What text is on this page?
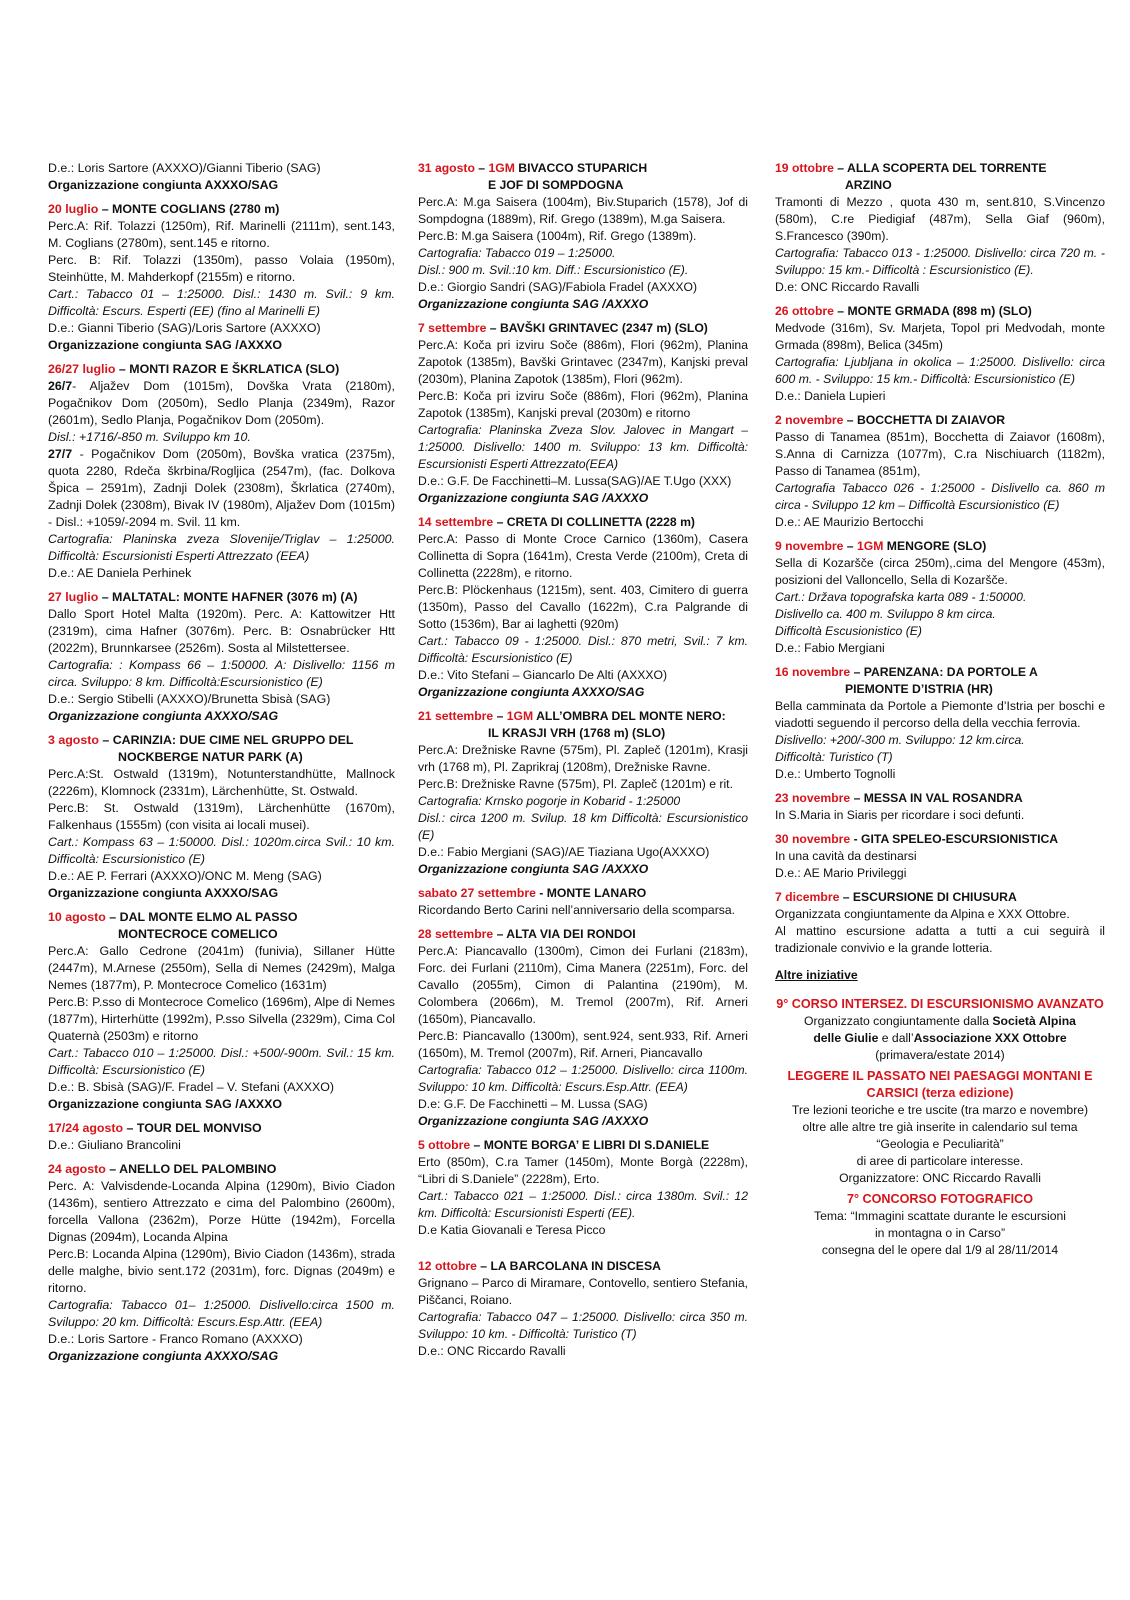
D.e.: Loris Sartore (AXXXO)/Gianni Tiberio (SAG)
Organizzazione congiunta AXXXO/SAG
20 luglio – MONTE COGLIANS (2780 m)
Perc.A: Rif. Tolazzi (1250m), Rif. Marinelli (2111m), sent.143, M. Coglians (2780m), sent.145 e ritorno.
Perc. B: Rif. Tolazzi (1350m), passo Volaia (1950m), Steinhütte, M. Mahderkopf (2155m) e ritorno.
Cart.: Tabacco 01 – 1:25000. Disl.: 1430 m. Svil.: 9 km. Difficoltà: Escurs. Esperti (EE) (fino al Marinelli E)
D.e.: Gianni Tiberio (SAG)/Loris Sartore (AXXXO)
Organizzazione congiunta SAG /AXXXO
26/27 luglio – MONTI RAZOR E ŠKRLATICA (SLO)
26/7- Aljažev Dom (1015m), Dovška Vrata (2180m), Pogačnikov Dom (2050m), Sedlo Planja (2349m), Razor (2601m), Sedlo Planja, Pogačnikov Dom (2050m).
Disl.: +1716/-850 m. Sviluppo km 10.
27/7 - Pogačnikov Dom (2050m), Bovška vratica (2375m), quota 2280, Rdeča škrbina/Rogljica (2547m), (fac. Dolkova Špica – 2591m), Zadnji Dolek (2308m), Škrlatica (2740m), Zadnji Dolek (2308m), Bivak IV (1980m), Aljažev Dom (1015m) - Disl.: +1059/-2094 m. Svil. 11 km.
Cartografia: Planinska zveza Slovenije/Triglav – 1:25000. Difficoltà: Escursionisti Esperti Attrezzato (EEA)
D.e.: AE Daniela Perhinek
27 luglio – MALTATAL: MONTE HAFNER (3076 m) (A)
Dallo Sport Hotel Malta (1920m). Perc. A: Kattowitzer Htt (2319m), cima Hafner (3076m). Perc. B: Osnabrücker Htt (2022m), Brunnkarsee (2526m). Sosta al Milstettersee.
Cartografia: : Kompass 66 – 1:50000. A: Dislivello: 1156 m circa. Sviluppo: 8 km. Difficoltà:Escursionistico (E)
D.e.: Sergio Stibelli (AXXXO)/Brunetta Sbisà (SAG)
Organizzazione congiunta AXXXO/SAG
3 agosto – CARINZIA: DUE CIME NEL GRUPPO DEL
NOCKBERGE NATUR PARK (A)
Perc.A:St. Ostwald (1319m), Notunterstandhütte, Mallnock (2226m), Klomnock (2331m), Lärchenhütte, St. Ostwald.
Perc.B: St. Ostwald (1319m), Lärchenhütte (1670m), Falkenhaus (1555m) (con visita ai locali musei).
Cart.: Kompass 63 – 1:50000. Disl.: 1020m.circa Svil.: 10 km. Difficoltà: Escursionistico (E)
D.e.: AE P. Ferrari (AXXXO)/ONC M. Meng (SAG)
Organizzazione congiunta AXXXO/SAG
10 agosto – DAL MONTE ELMO AL PASSO
MONTECROCE COMELICO
Perc.A: Gallo Cedrone (2041m) (funivia), Sillaner Hütte (2447m), M.Arnese (2550m), Sella di Nemes (2429m), Malga Nemes (1877m), P. Montecroce Comelico (1631m)
Perc.B: P.sso di Montecroce Comelico (1696m), Alpe di Nemes (1877m), Hirterhütte (1992m), P.sso Silvella (2329m), Cima Col Quaternà (2503m) e ritorno
Cart.: Tabacco 010 – 1:25000. Disl.: +500/-900m. Svil.: 15 km. Difficoltà: Escursionistico (E)
D.e.: B. Sbisà (SAG)/F. Fradel – V. Stefani (AXXXO)
Organizzazione congiunta SAG /AXXXO
17/24 agosto – TOUR DEL MONVISO
D.e.: Giuliano Brancolini
24 agosto – ANELLO DEL PALOMBINO
Perc. A: Valvisdende-Locanda Alpina (1290m), Bivio Ciadon (1436m), sentiero Attrezzato e cima del Palombino (2600m), forcella Vallona (2362m), Porze Hütte (1942m), Forcella Dignas (2094m), Locanda Alpina
Perc.B: Locanda Alpina (1290m), Bivio Ciadon (1436m), strada delle malghe, bivio sent.172 (2031m), forc. Dignas (2049m) e ritorno.
Cartografia: Tabacco 01– 1:25000. Dislivello:circa 1500 m. Sviluppo: 20 km. Difficoltà: Escurs.Esp.Attr. (EEA)
D.e.: Loris Sartore - Franco Romano (AXXXO)
Organizzazione congiunta AXXXO/SAG
31 agosto – 1GM BIVACCO STUPARICH
E JOF DI SOMPDOGNA
Perc.A: M.ga Saisera (1004m), Biv.Stuparich (1578), Jof di Sompdogna (1889m), Rif. Grego (1389m), M.ga Saisera.
Perc.B: M.ga Saisera (1004m), Rif. Grego (1389m).
Cartografia: Tabacco 019 – 1:25000.
Disl.: 900 m. Svil.:10 km. Diff.: Escursionistico (E).
D.e.: Giorgio Sandri (SAG)/Fabiola Fradel (AXXXO)
Organizzazione congiunta SAG /AXXXO
7 settembre – BAVŠKI GRINTAVEC (2347 m) (SLO)
Perc.A: Koča pri izviru Soče (886m), Flori (962m), Planina Zapotok (1385m), Bavški Grintavec (2347m), Kanjski preval (2030m), Planina Zapotok (1385m), Flori (962m).
Perc.B: Koča pri izviru Soče (886m), Flori (962m), Planina Zapotok (1385m), Kanjski preval (2030m) e ritorno
Cartografia: Planinska Zveza Slov. Jalovec in Mangart – 1:25000. Dislivello: 1400 m. Sviluppo: 13 km. Difficoltà: Escursionisti Esperti Attrezzato(EEA)
D.e.: G.F. De Facchinetti–M. Lussa(SAG)/AE T.Ugo (XXX)
Organizzazione congiunta SAG /AXXXO
14 settembre – CRETA DI COLLINETTA (2228 m)
Perc.A: Passo di Monte Croce Carnico (1360m), Casera Collinetta di Sopra (1641m), Cresta Verde (2100m), Creta di Collinetta (2228m), e ritorno.
Perc.B: Plöckenhaus (1215m), sent. 403, Cimitero di guerra (1350m), Passo del Cavallo (1622m), C.ra Palgrande di Sotto (1536m), Bar ai laghetti (920m)
Cart.: Tabacco 09 - 1:25000. Disl.: 870 metri, Svil.: 7 km. Difficoltà: Escursionistico (E)
D.e.: Vito Stefani – Giancarlo De Alti (AXXXO)
Organizzazione congiunta AXXXO/SAG
21 settembre – 1GM ALL’OMBRA DEL MONTE NERO:
IL KRASJI VRH (1768 m) (SLO)
Perc.A: Drežniske Ravne (575m), Pl. Zapleč (1201m), Krasji vrh (1768 m), Pl. Zaprikraj (1208m), Drežniske Ravne.
Perc.B: Drežniske Ravne (575m), Pl. Zapleč (1201m) e rit.
Cartografia: Krnsko pogorje in Kobarid - 1:25000
Disl.: circa 1200 m. Svilup. 18 km Difficoltà: Escursionistico (E)
D.e.: Fabio Mergiani (SAG)/AE Tiaziana Ugo(AXXXO)
Organizzazione congiunta SAG /AXXXO
sabato 27 settembre - MONTE LANARO
Ricordando Berto Carini nell’anniversario della scomparsa.
28 settembre – ALTA VIA DEI RONDOI
Perc.A: Piancavallo (1300m), Cimon dei Furlani (2183m), Forc. dei Furlani (2110m), Cima Manera (2251m), Forc. del Cavallo (2055m), Cimon di Palantina (2190m), M. Colombera (2066m), M. Tremol (2007m), Rif. Arneri (1650m), Piancavallo.
Perc.B: Piancavallo (1300m), sent.924, sent.933, Rif. Arneri (1650m), M. Tremol (2007m), Rif. Arneri, Piancavallo
Cartografia: Tabacco 012 – 1:25000. Dislivello: circa 1100m. Sviluppo: 10 km. Difficoltà: Escurs.Esp.Attr. (EEA)
D.e: G.F. De Facchinetti – M. Lussa (SAG)
Organizzazione congiunta SAG /AXXXO
5 ottobre – MONTE BORGA’ E LIBRI DI S.DANIELE
Erto (850m), C.ra Tamer (1450m), Monte Borgà (2228m), “Libri di S.Daniele” (2228m), Erto.
Cart.: Tabacco 021 – 1:25000. Disl.: circa 1380m. Svil.: 12 km. Difficoltà: Escursionisti Esperti (EE).
D.e Katia Giovanali e Teresa Picco
12 ottobre – LA BARCOLANA IN DISCESA
Grignano – Parco di Miramare, Contovello, sentiero Stefania, Piščanci, Roiano.
Cartografia: Tabacco 047 – 1:25000. Dislivello: circa 350 m. Sviluppo: 10 km. - Difficoltà: Turistico (T)
D.e.: ONC Riccardo Ravalli
19 ottobre – ALLA SCOPERTA DEL TORRENTE
ARZINO
Tramonti di Mezzo , quota 430 m, sent.810, S.Vincenzo (580m), C.re Piedigiaf (487m), Sella Giaf (960m), S.Francesco (390m).
Cartografia: Tabacco 013 - 1:25000. Dislivello: circa 720 m. - Sviluppo: 15 km.- Difficoltà : Escursionistico (E).
D.e: ONC Riccardo Ravalli
26 ottobre – MONTE GRMADA (898 m) (SLO)
Medvode (316m), Sv. Marjeta, Topol pri Medvodah, monte Grmada (898m), Belica (345m)
Cartografia: Ljubljana in okolica – 1:25000. Dislivello: circa 600 m. - Sviluppo: 15 km.- Difficoltà: Escursionistico (E)
D.e.: Daniela Lupieri
2 novembre – BOCCHETTA DI ZAIAVOR
Passo di Tanamea (851m), Bocchetta di Zaiavor (1608m), S.Anna di Carnizza (1077m), C.ra Nischiuarch (1182m), Passo di Tanamea (851m),
Cartografia Tabacco 026 - 1:25000 - Dislivello ca. 860 m circa - Sviluppo 12 km – Difficoltà Escursionistico (E)
D.e.: AE Maurizio Bertocchi
9 novembre – 1GM MENGORE (SLO)
Sella di Kozaršče (circa 250m),.cima del Mengore (453m), posizioni del Valloncello, Sella di Kozaršče.
Cart.: Država topografska karta 089 - 1:50000.
Dislivello ca. 400 m. Sviluppo 8 km circa.
Difficoltà Escusionistico (E)
D.e.: Fabio Mergiani
16 novembre – PARENZANA: DA PORTOLE A
PIEMONTE D’ISTRIA (HR)
Bella camminata da Portole a Piemonte d’Istria per boschi e viadotti seguendo il percorso della della vecchia ferrovia.
Dislivello: +200/-300 m. Sviluppo: 12 km.circa.
Difficoltà: Turistico (T)
D.e.: Umberto Tognolli
23 novembre – MESSA IN VAL ROSANDRA
In S.Maria in Siaris per ricordare i soci defunti.
30 novembre - GITA SPELEO-ESCURSIONISTICA
In una cavità da destinarsi
D.e.: AE Mario Privileggi
7 dicembre – ESCURSIONE DI CHIUSURA
Organizzata congiuntamente da Alpina e XXX Ottobre.
Al mattino escursione adatta a tutti a cui seguirà il tradizionale convivio e la grande lotteria.
Altre iniziative
9° CORSO INTERSEZ. DI ESCURSIONISMO AVANZATO
Organizzato congiuntamente dalla Società Alpina
delle Giulie e dall’Associazione XXX Ottobre
(primavera/estate 2014)
LEGGERE IL PASSATO NEI PAESAGGI MONTANI E CARSICI (terza edizione)
Tre lezioni teoriche e tre uscite (tra marzo e novembre)
oltre alle altre tre già inserite in calendario sul tema
“Geologia e Peculiarità”
di aree di particolare interesse.
Organizzatore: ONC Riccardo Ravalli
7° CONCORSO FOTOGRAFICO
Tema: “Immagini scattate durante le escursioni
in montagna o in Carso”
consegna del le opere dal 1/9 al 28/11/2014
